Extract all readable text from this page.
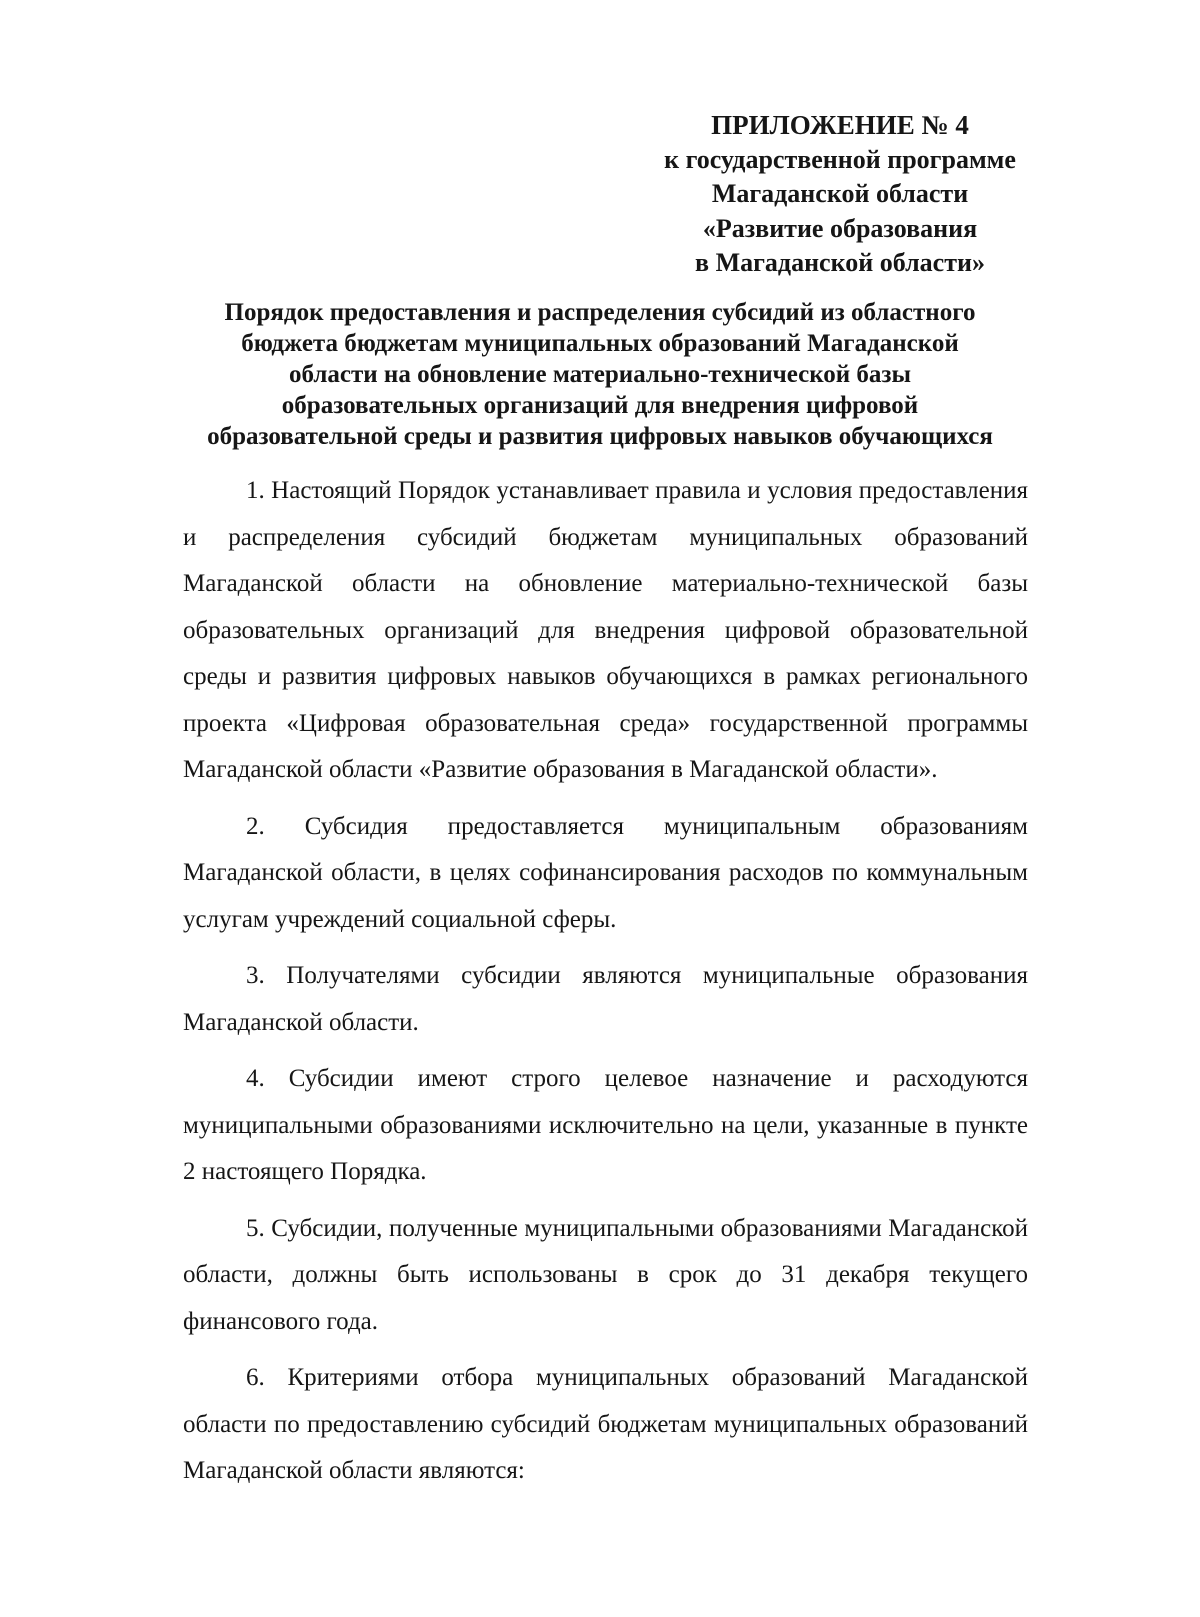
ПРИЛОЖЕНИЕ № 4
к государственной программе
Магаданской области
«Развитие образования
в Магаданской области»
Порядок предоставления и распределения субсидий из областного
бюджета бюджетам муниципальных образований Магаданской
области на обновление материально-технической базы
образовательных организаций для внедрения цифровой
образовательной среды и развития цифровых навыков обучающихся

1. Настоящий Порядок устанавливает правила и условия предоставления и распределения субсидий бюджетам муниципальных образований Магаданской области на обновление материально-технической базы образовательных организаций для внедрения цифровой образовательной среды и развития цифровых навыков обучающихся в рамках регионального проекта «Цифровая образовательная среда» государственной программы Магаданской области «Развитие образования в Магаданской области».

2. Субсидия предоставляется муниципальным образованиям Магаданской области, в целях софинансирования расходов по коммунальным услугам учреждений социальной сферы.

3. Получателями субсидии являются муниципальные образования Магаданской области.

4. Субсидии имеют строго целевое назначение и расходуются муниципальными образованиями исключительно на цели, указанные в пункте 2 настоящего Порядка.

5. Субсидии, полученные муниципальными образованиями Магаданской области, должны быть использованы в срок до 31 декабря текущего финансового года.

6. Критериями отбора муниципальных образований Магаданской области по предоставлению субсидий бюджетам муниципальных образований Магаданской области являются:
